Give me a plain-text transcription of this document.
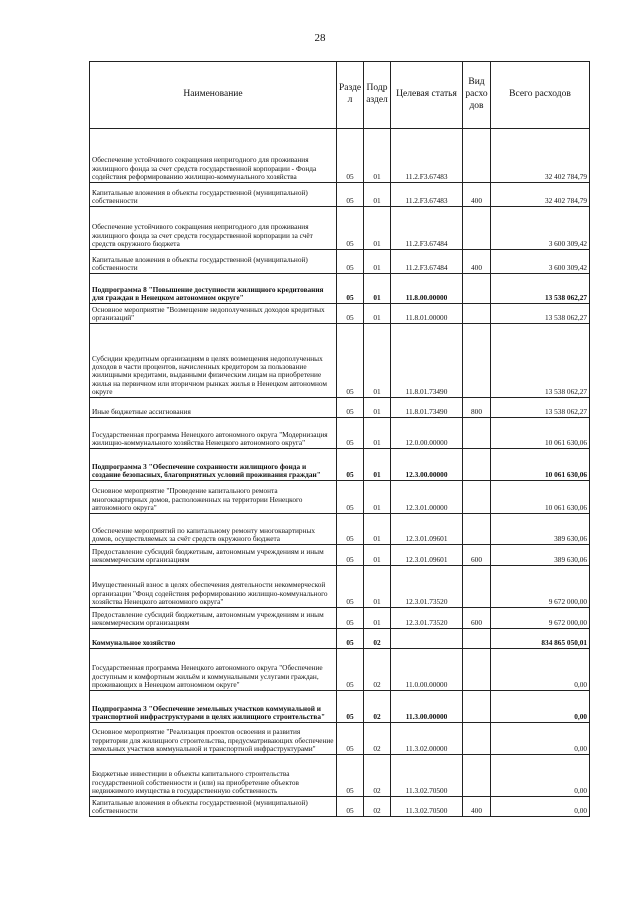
28
Наименование	Разде л	Подр аздел	Целевая статья	Вид расхо дов	Всего расходов
Обеспечение устойчивого сокращения непригодного для проживания жилищного фонда за счет средств государственной корпорации - Фонда содействия реформированию жилищно-коммунального хозяйства	05	01	11.2.F3.67483		32 402 784,79
Капитальные вложения в объекты государственной (муниципальной) собственности	05	01	11.2.F3.67483	400	32 402 784,79
Обеспечение устойчивого сокращения непригодного для проживания жилищного фонда за счет средств государственной корпорации за счёт средств окружного бюджета	05	01	11.2.F3.67484		3 600 309,42
Капитальные вложения в объекты государственной (муниципальной) собственности	05	01	11.2.F3.67484	400	3 600 309,42
Подпрограмма 8 "Повышение доступности жилищного кредитования для граждан в Ненецком автономном округе"	05	01	11.8.00.00000		13 538 062,27
Основное мероприятие "Возмещение недополученных доходов кредитных организаций"	05	01	11.8.01.00000		13 538 062,27
Субсидии кредитным организациям в целях возмещения недополученных доходов в части процентов, начисленных кредитором за пользование жилищными кредитами, выданными физическим лицам на приобретение жилья на первичном или вторичном рынках жилья в Ненецком автономном округе	05	01	11.8.01.73490		13 538 062,27
Иные бюджетные ассигнования	05	01	11.8.01.73490	800	13 538 062,27
Государственная программа Ненецкого автономного округа "Модернизация жилищно-коммунального хозяйства Ненецкого автономного округа"	05	01	12.0.00.00000		10 061 630,06
Подпрограмма 3 "Обеспечение сохранности жилищного фонда и создание безопасных, благоприятных условий проживания граждан"	05	01	12.3.00.00000		10 061 630,06
Основное мероприятие "Проведение капитального ремонта многоквартирных домов, расположенных на территории Ненецкого автономного округа"	05	01	12.3.01.00000		10 061 630,06
Обеспечение мероприятий по капитальному ремонту многоквартирных домов, осуществляемых за счёт средств окружного бюджета	05	01	12.3.01.09601		389 630,06
Предоставление субсидий бюджетным, автономным учреждениям и иным некоммерческим организациям	05	01	12.3.01.09601	600	389 630,06
Имущественный взнос в целях обеспечения деятельности некоммерческой организации "Фонд содействия реформированию жилищно-коммунального хозяйства Ненецкого автономного округа"	05	01	12.3.01.73520		9 672 000,00
Предоставление субсидий бюджетным, автономным учреждениям и иным некоммерческим организациям	05	01	12.3.01.73520	600	9 672 000,00
Коммунальное хозяйство	05	02			834 865 050,01
Государственная программа Ненецкого автономного округа "Обеспечение доступным и комфортным жильём и коммунальными услугами граждан, проживающих в Ненецком автономном округе"	05	02	11.0.00.00000		0,00
Подпрограмма 3 "Обеспечение земельных участков коммунальной и транспортной инфраструктурами в целях жилищного строительства"	05	02	11.3.00.00000		0,00
Основное мероприятие "Реализация проектов освоения и развития территории для жилищного строительства, предусматривающих обеспечение земельных участков коммунальной и транспортной инфраструктурами"	05	02	11.3.02.00000		0,00
Бюджетные инвестиции в объекты капитального строительства государственной собственности и (или) на приобретение объектов недвижимого имущества в государственную собственность	05	02	11.3.02.70500		0,00
Капитальные вложения в объекты государственной (муниципальной) собственности	05	02	11.3.02.70500	400	0,00
